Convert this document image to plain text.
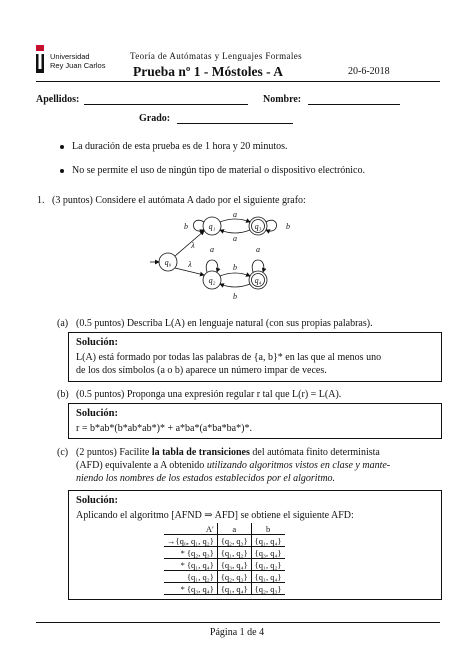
Universidad
Rey Juan Carlos
Teoría de Autómatas y Lenguajes Formales
Prueba nº 1 - Móstoles - A	20-6-2018
Apellidos:	Nombre:
Grado:
La duración de esta prueba es de 1 hora y 20 minutos.
No se permite el uso de ningún tipo de material o dispositivo electrónico.
1. (3 puntos) Considere el autómata A dado por el siguiente grafo:
q₀
q₁	q₃
q₂	q₄
λ
λ
a
a
b
b
b	b
a	a
(a) (0.5 puntos) Describa L(A) en lenguaje natural (con sus propias palabras).
Solución:
L(A) está formado por todas las palabras de {a, b}* en las que al menos uno
de los dos símbolos (a o b) aparece un número impar de veces.
(b) (0.5 puntos) Proponga una expresión regular r tal que L(r) = L(A).
Solución:
r = b*ab*(b*ab*ab*)* + a*ba*(a*ba*ba*)*.
(c) (2 puntos) Facilite la tabla de transiciones del autómata finito determinista
(AFD) equivalente a A obtenido utilizando algoritmos vistos en clase y mante-
niendo los nombres de los estados establecidos por el algoritmo.
Solución:
Aplicando el algoritmo [AFND ⇒ AFD] se obtiene el siguiente AFD:
A′	a	b
→{q₀, q₁, q₂}	{q₂, q₃}	{q₁, q₄}
* {q₂, q₃}	{q₁, q₂}	{q₃, q₄}
* {q₁, q₄}	{q₃, q₄}	{q₁, q₂}
{q₁, q₂}	{q₂, q₃}	{q₁, q₄}
* {q₃, q₄}	{q₁, q₄}	{q₂, q₃}
Página 1 de 4
